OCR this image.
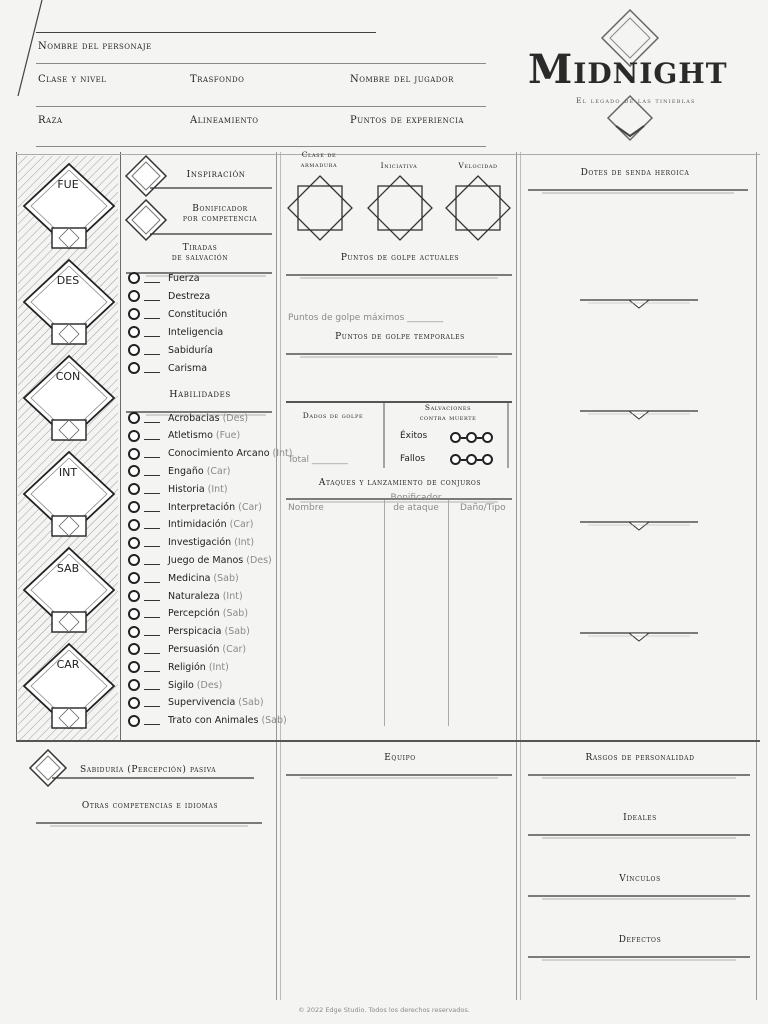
Nombre del personaje
Clase y nivel	Trasfondo	Nombre del jugador
Raza	Alineamiento	Puntos de experiencia
Midnight
El legado de las tinieblas
FUE
DES
CON
INT
SAB
CAR
Inspiración
Bonificador
por competencia
Tiradas
de salvación
Fuerza
Destreza
Constitución
Inteligencia
Sabiduría
Carisma
Habilidades
Acrobacias (Des)
Atletismo (Fue)
Conocimiento Arcano (Int)
Engaño (Car)
Historia (Int)
Interpretación (Car)
Intimidación (Car)
Investigación (Int)
Juego de Manos (Des)
Medicina (Sab)
Naturaleza (Int)
Percepción (Sab)
Perspicacia (Sab)
Persuasión (Car)
Religión (Int)
Sigilo (Des)
Supervivencia (Sab)
Trato con Animales (Sab)
Clase de
armadura	Iniciativa	Velocidad
Puntos de golpe actuales
Puntos de golpe máximos ________
Puntos de golpe temporales
Dados de golpe
Total ________
Salvaciones
contra muerte
Éxitos
Fallos
Ataques y lanzamiento de conjuros
Nombre
Bonificador
de ataque	Daño/Tipo
Dotes de senda heroica
Sabiduría (Percepción) pasiva
Otras competencias e idiomas
Equipo	Rasgos de personalidad
Ideales
Vínculos
Defectos
© 2022 Edge Studio. Todos los derechos reservados.
